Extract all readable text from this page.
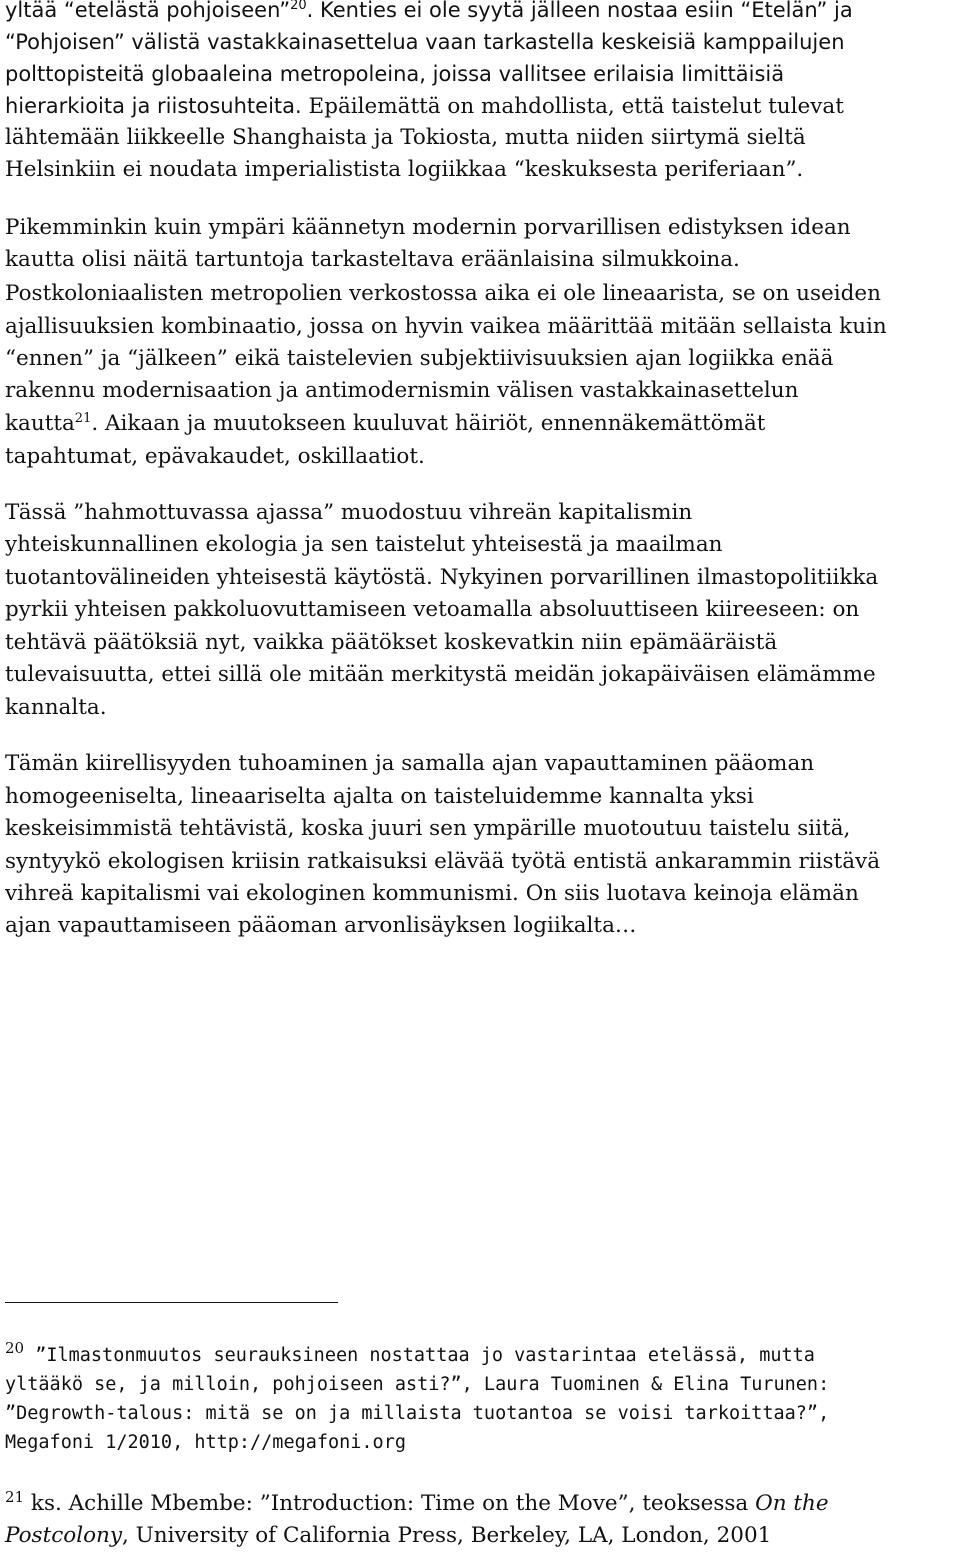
yltää “etelästä pohjoiseen”$^{20}$. Kenties ei ole syytä jälleen nostaa esiin “Etelän” ja
“Pohjoisen” välistä vastakkainasettelua vaan tarkastella keskeisiä kamppailujen
polttopisteitä globaaleina metropoleina, joissa vallitsee erilaisia limittäisiä
hierarkioita ja riistosuhteita. Epäilemättä on mahdollista, että taistelut tulevat
lähtemään liikkeelle Shanghaista ja Tokiosta, mutta niiden siirtymä sieltä
Helsinkiin ei noudata imperialistista logiikkaa “keskuksesta periferiaan”.
Pikemminkin kuin ympäri käännetyn modernin porvarillisen edistyksen idean
kautta olisi näitä tartuntoja tarkasteltava eräänlaisina silmukkoina.
Postkoloniaalisten metropolien verkostossa aika ei ole lineaarista, se on useiden
ajallisuuksien kombinaatio, jossa on hyvin vaikea määrittää mitään sellaista kuin
“ennen” ja “jälkeen” eikä taistelevien subjektiivisuuksien ajan logiikka enää
rakennu modernisaation ja antimodernismin välisen vastakkainasettelun
kautta$^{21}$. Aikaan ja muutokseen kuuluvat häiriöt, ennennäkemättömät
tapahtumat, epävakaudet, oskillaatiot.
Tässä ”hahmottuvassa ajassa” muodostuu vihreän kapitalismin
yhteiskunnallinen ekologia ja sen taistelut yhteisestä ja maailman
tuotantovälineiden yhteisestä käytöstä. Nykyinen porvarillinen ilmastopolitiikka
pyrkii yhteisen pakkoluovuttamiseen vetoamalla absoluuttiseen kiireeseen: on
tehtävä päätöksiä nyt, vaikka päätökset koskevatkin niin epämääräistä
tulevaisuutta, ettei sillä ole mitään merkitystä meidän jokapäiväisen elämämme
kannalta.
Tämän kiirellisyyden tuhoaminen ja samalla ajan vapauttaminen pääoman
homogeeniselta, lineaariselta ajalta on taisteluidemme kannalta yksi
keskeisimmistä tehtävistä, koska juuri sen ympärille muotoutuu taistelu siitä,
syntyykö ekologisen kriisin ratkaisuksi elävää työtä entistä ankarammin riistävä
vihreä kapitalismi vai ekologinen kommunismi. On siis luotava keinoja elämän
ajan vapauttamiseen pääoman arvonlisäyksen logiikalta…
$^{20}$ ”Ilmastonmuutos seurauksineen nostattaa jo vastarintaa etelässä, mutta
yltääkö se, ja milloin, pohjoiseen asti?”, Laura Tuominen & Elina Turunen:
”Degrowth-talous: mitä se on ja millaista tuotantoa se voisi tarkoittaa?”,
Megafoni 1/2010, http://megafoni.org
$^{21}$ ks. Achille Mbembe: ”Introduction: Time on the Move”, teoksessa On the
Postcolony, University of California Press, Berkeley, LA, London, 2001
